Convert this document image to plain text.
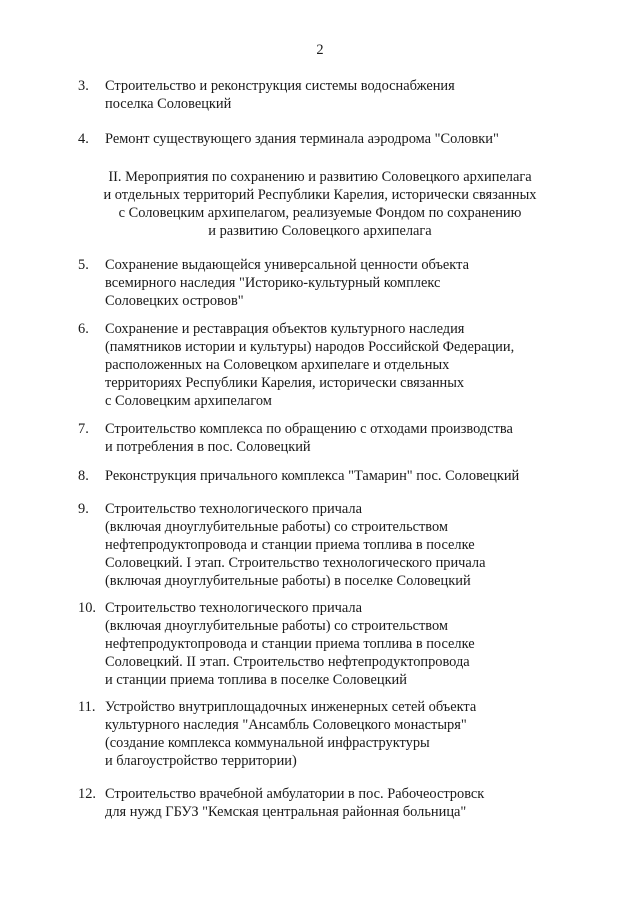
2
3.	Строительство и реконструкция системы водоснабжения
поселка Соловецкий
4.	Ремонт существующего здания терминала аэродрома "Соловки"
II. Мероприятия по сохранению и развитию Соловецкого архипелага
и отдельных территорий Республики Карелия, исторически связанных
с Соловецким архипелагом, реализуемые Фондом по сохранению
и развитию Соловецкого архипелага
5.	Сохранение выдающейся универсальной ценности объекта
всемирного наследия "Историко-культурный комплекс
Соловецких островов"
6.	Сохранение и реставрация объектов культурного наследия
(памятников истории и культуры) народов Российской Федерации,
расположенных на Соловецком архипелаге и отдельных
территориях Республики Карелия, исторически связанных
с Соловецким архипелагом
7.	Строительство комплекса по обращению с отходами производства
и потребления в пос. Соловецкий
8.	Реконструкция причального комплекса "Тамарин" пос. Соловецкий
9.	Строительство технологического причала
(включая дноуглубительные работы) со строительством
нефтепродуктопровода и станции приема топлива в поселке
Соловецкий. I этап. Строительство технологического причала
(включая дноуглубительные работы) в поселке Соловецкий
10. Строительство технологического причала
(включая дноуглубительные работы) со строительством
нефтепродуктопровода и станции приема топлива в поселке
Соловецкий. II этап. Строительство нефтепродуктопровода
и станции приема топлива в поселке Соловецкий
11. Устройство внутриплощадочных инженерных сетей объекта
культурного наследия "Ансамбль Соловецкого монастыря"
(создание комплекса коммунальной инфраструктуры
и благоустройство территории)
12. Строительство врачебной амбулатории в пос. Рабочеостровск
для нужд ГБУЗ "Кемская центральная районная больница"
